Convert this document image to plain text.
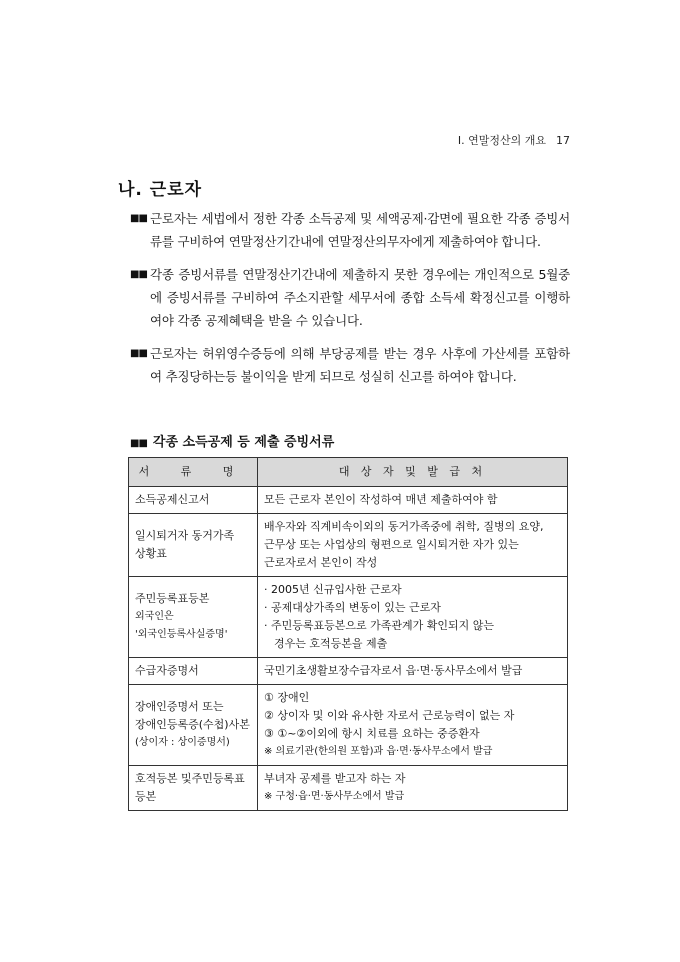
Ⅰ. 연말정산의 개요 17
나. 근로자
■■ 근로자는 세법에서 정한 각종 소득공제 및 세액공제·감면에 필요한 각종 증빙서류를 구비하여 연말정산기간내에 연말정산의무자에게 제출하여야 합니다.
■■ 각종 증빙서류를 연말정산기간내에 제출하지 못한 경우에는 개인적으로 5월중에 증빙서류를 구비하여 주소지관할 세무서에 종합 소득세 확정신고를 이행하여야 각종 공제혜택을 받을 수 있습니다.
■■ 근로자는 허위영수증등에 의해 부당공제를 받는 경우 사후에 가산세를 포함하여 추징당하는등 불이익을 받게 되므로 성실히 신고를 하여야 합니다.
■■ 각종 소득공제 등 제출 증빙서류
서 류 명	대 상 자 및 발 급 처

소득공제신고서	모든 근로자 본인이 작성하여 매년 제출하여야 함

일시퇴거자 동거가족
상황표	배우자와 직계비속이외의 동거가족중에 취학, 질병의 요양,
근무상 또는 사업상의 형편으로 일시퇴거한 자가 있는
근로자로서 본인이 작성

주민등록표등본
외국인은
'외국인등록사실증명'	· 2005년 신규입사한 근로자
· 공제대상가족의 변동이 있는 근로자
· 주민등록표등본으로 가족관계가 확인되지 않는
경우는 호적등본을 제출

수급자증명서	국민기초생활보장수급자로서 읍·면·동사무소에서 발급

장애인증명서 또는
장애인등록증(수첩)사본
(상이자 : 상이증명서)	① 장애인
② 상이자 및 이와 유사한 자로서 근로능력이 없는 자
③ ①~②이외에 항시 치료를 요하는 중증환자
※ 의료기관(한의원 포함)과 읍·면·동사무소에서 발급

호적등본 및주민등록표
등본	부녀자 공제를 받고자 하는 자
※ 구청·읍·면·동사무소에서 발급
